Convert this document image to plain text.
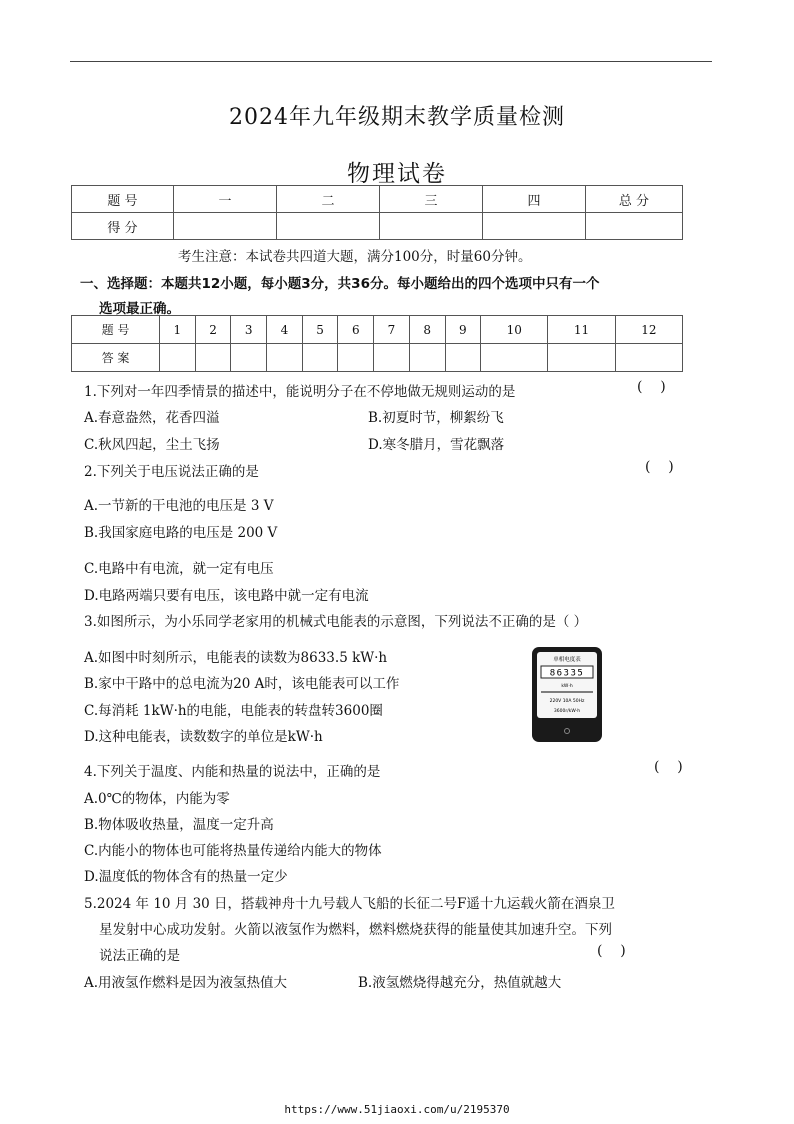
2024年九年级期末教学质量检测
物理试卷
题 号	一	二	三	四	总 分
得 分					
考生注意：本试卷共四道大题，满分100分，时量60分钟。
一、选择题：本题共12小题，每小题3分，共36分。每小题给出的四个选项中只有一个
选项最正确。
题 号	1	2	3	4	5	6	7	8	9	10	11	12
答 案												
1.下列对一年四季情景的描述中，能说明分子在不停地做无规则运动的是	(    )
A.春意盎然，花香四溢	B.初夏时节，柳絮纷飞
C.秋风四起，尘土飞扬	D.寒冬腊月，雪花飘落
2.下列关于电压说法正确的是	(    )
A.一节新的干电池的电压是 3 V
B.我国家庭电路的电压是 200 V
C.电路中有电流，就一定有电压
D.电路两端只要有电压，该电路中就一定有电流
3.如图所示，为小乐同学老家用的机械式电能表的示意图，下列说法不正确的是（ ）
A.如图中时刻所示，电能表的读数为8633.5 kW·h
B.家中干路中的总电流为20 A时，该电能表可以工作
C.每消耗 1kW·h的电能，电能表的转盘转3600圈
D.这种电能表，读数数字的单位是kW·h
单相电度表
86335
kW·h
220V 10A 50Hz
3600r/kW·h
4.下列关于温度、内能和热量的说法中，正确的是	(    )
A.0℃的物体，内能为零
B.物体吸收热量，温度一定升高
C.内能小的物体也可能将热量传递给内能大的物体
D.温度低的物体含有的热量一定少
5.2024 年 10 月 30 日，搭载神舟十九号载人飞船的长征二号F遥十九运载火箭在酒泉卫
星发射中心成功发射。火箭以液氢作为燃料，燃料燃烧获得的能量使其加速升空。下列
说法正确的是	(    )
A.用液氢作燃料是因为液氢热值大	B.液氢燃烧得越充分，热值就越大
https://www.51jiaoxi.com/u/2195370
